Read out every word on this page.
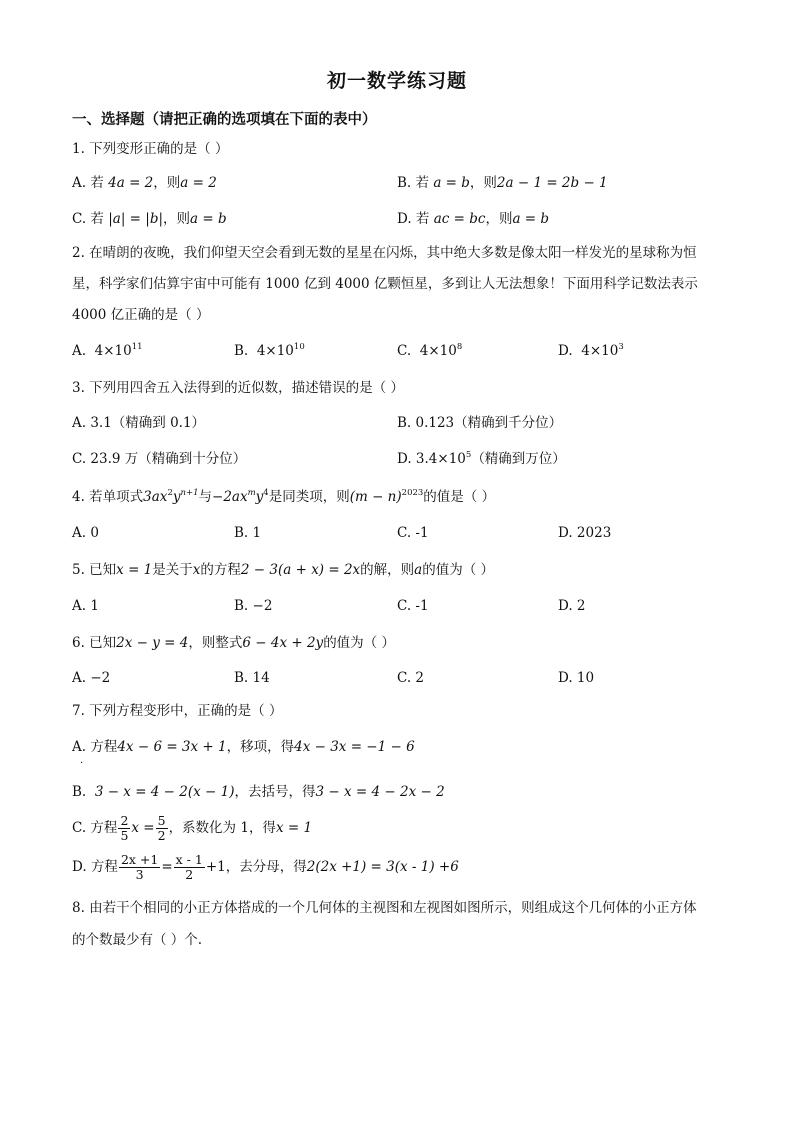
初一数学练习题
一、选择题（请把正确的选项填在下面的表中）
1. 下列变形正确的是（ ）
A. 若 4a = 2，则a = 2	B. 若 a = b，则2a − 1 = 2b − 1
C. 若 |a| = |b|，则a = b	D. 若 ac = bc，则a = b
2. 在晴朗的夜晚，我们仰望天空会看到无数的星星在闪烁，其中绝大多数是像太阳一样发光的星球称为恒
星，科学家们估算宇宙中可能有 1000 亿到 4000 亿颗恒星，多到让人无法想象！下面用科学记数法表示
4000 亿正确的是（ ）
A. $4\times 10^{11}$	B. $4\times 10^{10}$	C. $4\times 10^8$	D. $4\times 10^3$
3. 下列用四舍五入法得到的近似数，描述错误的是（ ）
A. 3.1（精确到 0.1）	B. 0.123（精确到千分位）
C. 23.9 万（精确到十分位）	D. $3.4\times 10^5$（精确到万位）
4. 若单项式$3ax^2y^{n+1}$与$-2ax^my^4$是同类项，则$(m - n)^{2023}$的值是（ ）
A. 0	B. 1	C. -1	D. 2023
5. 已知x = 1是关于x的方程2 − 3(a + x) = 2x的解，则a的值为（ ）
A. 1	B. −2	C. -1	D. 2
6. 已知2x − y = 4，则整式6 − 4x + 2y的值为（ ）
A. −2	B. 14	C. 2	D. 10
7. 下列方程变形中，正确的是（ ）
A. 方程4x − 6 = 3x + 1，移项，得4x − 3x = −1 − 6
·
B. 3 − x = 4 − 2(x − 1)，去括号，得3 − x = 4 − 2x − 2
C. 方程 $\frac{2}{5}$ $x = \frac{5}{2}$ ，系数化为 1，得x = 1
D. 方程 $\frac{2x +1}{3} = \frac{x - 1}{2} +1$，去分母，得2(2x +1) = 3(x - 1) +6
8. 由若干个相同的小正方体搭成的一个几何体的主视图和左视图如图所示，则组成这个几何体的小正方体
的个数最少有（ ）个.
